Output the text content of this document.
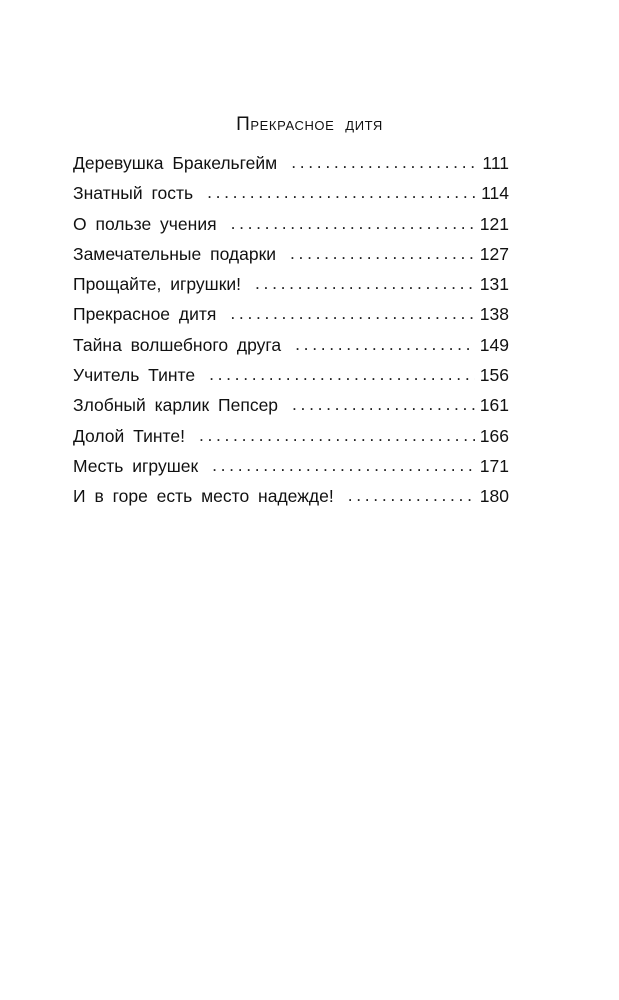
Прекрасное дитя
Деревушка Бракельгейм . . .	111
Знатный гость . . .	114
О пользе учения . . .	121
Замечательные подарки . . .	127
Прощайте, игрушки! . . .	131
Прекрасное дитя . . .	138
Тайна волшебного друга . . .	149
Учитель Тинте . . .	156
Злобный карлик Пепсер . . .	161
Долой Тинте! . . .	166
Месть игрушек . . .	171
И в горе есть место надежде! . . .	180
